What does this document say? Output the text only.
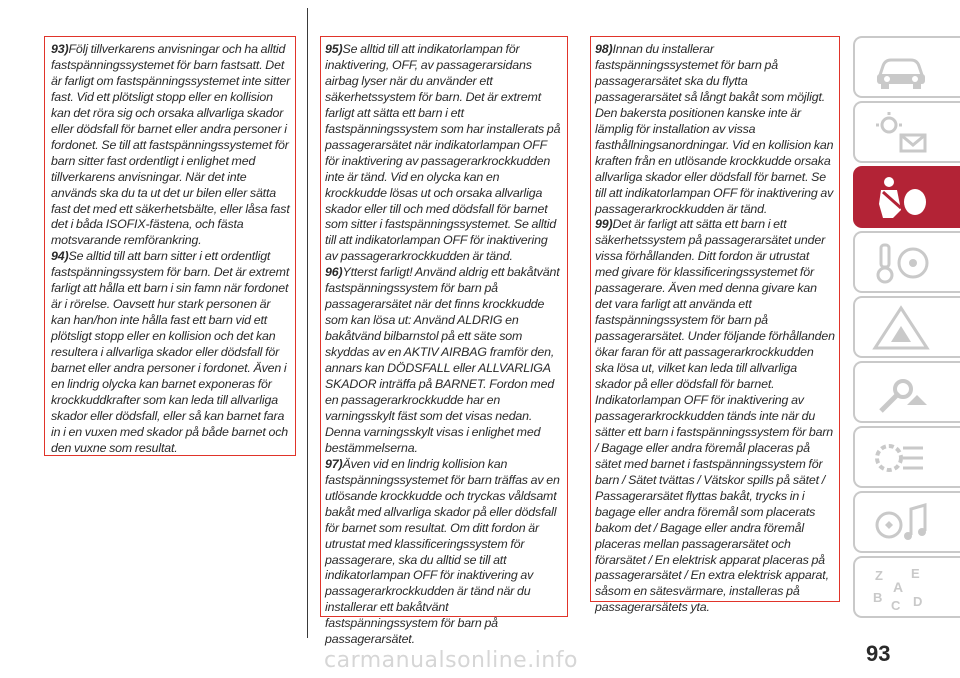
93)Följ tillverkarens anvisningar och ha alltid fastspänningssystemet för barn fastsatt. Det är farligt om fastspänningssystemet inte sitter fast. Vid ett plötsligt stopp eller en kollision kan det röra sig och orsaka allvarliga skador eller dödsfall för barnet eller andra personer i fordonet. Se till att fastspänningssystemet för barn sitter fast ordentligt i enlighet med tillverkarens anvisningar. När det inte används ska du ta ut det ur bilen eller sätta fast det med ett säkerhetsbälte, eller låsa fast det i båda ISOFIX-fästena, och fästa motsvarande remförankring.
94)Se alltid till att barn sitter i ett ordentligt fastspänningssystem för barn. Det är extremt farligt att hålla ett barn i sin famn när fordonet är i rörelse. Oavsett hur stark personen är kan han/hon inte hålla fast ett barn vid ett plötsligt stopp eller en kollision och det kan resultera i allvarliga skador eller dödsfall för barnet eller andra personer i fordonet. Även i en lindrig olycka kan barnet exponeras för krockkuddkrafter som kan leda till allvarliga skador eller dödsfall, eller så kan barnet fara in i en vuxen med skador på både barnet och den vuxne som resultat.
95)Se alltid till att indikatorlampan för inaktivering, OFF, av passagerarsidans airbag lyser när du använder ett säkerhetssystem för barn. Det är extremt farligt att sätta ett barn i ett fastspänningssystem som har installerats på passagerarsätet när indikatorlampan OFF för inaktivering av passagerarkrockkudden inte är tänd. Vid en olycka kan en krockkudde lösas ut och orsaka allvarliga skador eller till och med dödsfall för barnet som sitter i fastspänningssystemet. Se alltid till att indikatorlampan OFF för inaktivering av passagerarkrockkudden är tänd.
96)Ytterst farligt! Använd aldrig ett bakåtvänt fastspänningssystem för barn på passagerarsätet när det finns krockkudde som kan lösa ut: Använd ALDRIG en bakåtvänd bilbarnstol på ett säte som skyddas av en AKTIV AIRBAG framför den, annars kan DÖDSFALL eller ALLVARLIGA SKADOR inträffa på BARNET. Fordon med en passagerarkrockkudde har en varningsskylt fäst som det visas nedan. Denna varningsskylt visas i enlighet med bestämmelserna.
97)Även vid en lindrig kollision kan fastspänningssystemet för barn träffas av en utlösande krockkudde och tryckas våldsamt bakåt med allvarliga skador på eller dödsfall för barnet som resultat. Om ditt fordon är utrustat med klassificeringssystem för passagerare, ska du alltid se till att indikatorlampan OFF för inaktivering av passagerarkrockkudden är tänd när du installerar ett bakåtvänt fastspänningssystem för barn på passagerarsätet.
98)Innan du installerar fastspänningssystemet för barn på passagerarsätet ska du flytta passagerarsätet så långt bakåt som möjligt. Den bakersta positionen kanske inte är lämplig för installation av vissa fasthållningsanordningar. Vid en kollision kan kraften från en utlösande krockkudde orsaka allvarliga skador eller dödsfall för barnet. Se till att indikatorlampan OFF för inaktivering av passagerarkrockkudden är tänd.
99)Det är farligt att sätta ett barn i ett säkerhetssystem på passagerarsätet under vissa förhållanden. Ditt fordon är utrustat med givare för klassificeringssystemet för passagerare. Även med denna givare kan det vara farligt att använda ett fastspänningssystem för barn på passagerarsätet. Under följande förhållanden ökar faran för att passagerarkrockkudden ska lösa ut, vilket kan leda till allvarliga skador på eller dödsfall för barnet. Indikatorlampan OFF för inaktivering av passagerarkrockkudden tänds inte när du sätter ett barn i fastspänningssystem för barn / Bagage eller andra föremål placeras på sätet med barnet i fastspänningssystem för barn / Sätet tvättas / Vätskor spills på sätet / Passagerarsätet flyttas bakåt, trycks in i bagage eller andra föremål som placerats bakom det / Bagage eller andra föremål placeras mellan passagerarsätet och förarsätet / En elektrisk apparat placeras på passagerarsätet / En extra elektrisk apparat, såsom en sätesvärmare, installeras på passagerarsätets yta.
Z E
A
B
C D
93
carmanualsonline.info
